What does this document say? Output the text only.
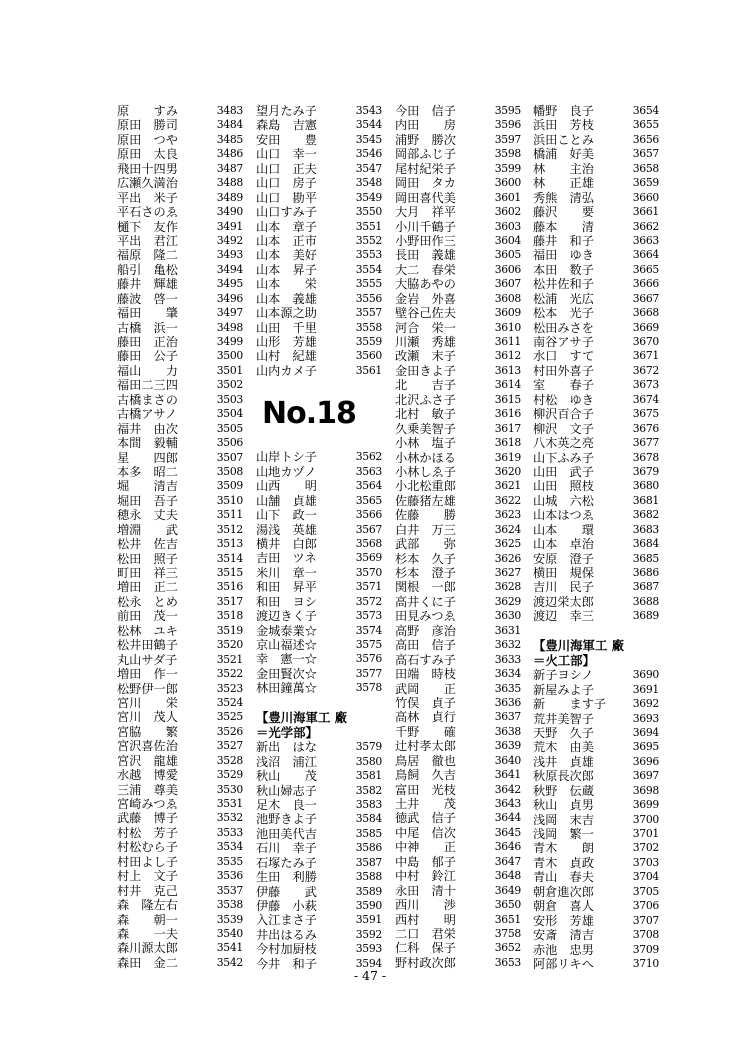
原　　すみ	3483
原田　勝司	3484
原田　つや	3485
原田　太良	3486
飛田十四男	3487
広瀬久満治	3488
平出　米子	3489
平石さのゑ	3490
樋下　友作	3491
平出　君江	3492
福原　隆二	3493
船引　亀松	3494
藤井　輝雄	3495
藤波　啓一	3496
福田　　肇	3497
古橋　浜一	3498
藤田　正治	3499
藤田　公子	3500
福山　　力	3501
福田二三四	3502
古橋まさの	3503
古橋アサノ	3504
福井　由次	3505
本間　毅輔	3506
星　　四郎	3507
本多　昭二	3508
堀　　清吉	3509
堀田　吾子	3510
穂永　丈夫	3511
増淵　　武	3512
松井　佐吉	3513
松田　照子	3514
町田　祥三	3515
増田　正二	3516
松永　とめ	3517
前田　茂一	3518
松林　ユキ	3519
松井田鶴子	3520
丸山サダ子	3521
増田　作一	3522
松野伊一郎	3523
宮川　　栄	3524
宮川　茂人	3525
宮脇　　繁	3526
宮沢喜佐治	3527
宮沢　龍雄	3528
水越　博愛	3529
三浦　尊美	3530
宮崎みつゑ	3531
武藤　博子	3532
村松　芳子	3533
村松むら子	3534
村田よし子	3535
村上　文子	3536
村井　克己	3537
森　隆左右	3538
森　　朝一	3539
森　　一夫	3540
森川源太郎	3541
森田　金二	3542
望月たみ子	3543
森島　吉憲	3544
安田　　豊	3545
山口　幸一	3546
山口　正夫	3547
山口　房子	3548
山口　勘平	3549
山口すみ子	3550
山本　章子	3551
山本　正市	3552
山本　美好	3553
山本　昇子	3554
山本　　栄	3555
山本　義雄	3556
山本源之助	3557
山田　千里	3558
山形　芳雄	3559
山村　紀雄	3560
山内カメ子	3561
No.18
山岸トシ子	3562
山地カヅノ	3563
山西　　明	3564
山舗　貞雄	3565
山下　政一	3566
湯浅　英雄	3567
横井　白郎	3568
吉田　ツネ	3569
米川　章一	3570
和田　昇平	3571
和田　ヨシ	3572
渡辺きく子	3573
金城泰業☆	3574
京山福述☆	3575
幸　憲一☆	3576
金田賢次☆	3577
林田鐘萬☆	3578
【豊川海軍工 廠
＝光学部】
新出　はな	3579
浅沼　浦江	3580
秋山　　茂	3581
秋山婦志子	3582
足木　良一	3583
池野きよ子	3584
池田美代吉	3585
石川　幸子	3586
石塚たみ子	3587
生田　利勝	3588
伊藤　　武	3589
伊藤　小萩	3590
入江まさ子	3591
井出はるみ	3592
今村加厨枝	3593
今井　和子	3594
今田　信子	3595
内田　　房	3596
浦野　勝次	3597
岡部ふじ子	3598
尾村紀栄子	3599
岡田　タカ	3600
岡田喜代美	3601
大月　祥平	3602
小川千鶴子	3603
小野田作三	3604
長田　義雄	3605
大二　春栄	3606
大脇あやの	3607
金岩　外喜	3608
壁谷己佐夫	3609
河合　栄一	3610
川瀬　秀雄	3611
改瀬　末子	3612
金田きよ子	3613
北　　吉子	3614
北沢ふさ子	3615
北村　敏子	3616
久乗美智子	3617
小林　塩子	3618
小林かほる	3619
小林しゑ子	3620
小北松重郎	3621
佐藤猪左雄	3622
佐藤　　勝	3623
白井　万三	3624
武部　　弥	3625
杉本　久子	3626
杉本　澄子	3627
関根　一郎	3628
高井くに子	3629
田見みつゑ	3630
高野　彦治	3631
高田　信子	3632
高石すみ子	3633
田端　時枝	3634
武岡　　正	3635
竹俣　貞子	3636
高林　貞行	3637
千野　　確	3638
辻村孝太郎	3639
鳥居　徹也	3640
鳥飼　久吉	3641
富田　光枝	3642
土井　　茂	3643
徳武　信子	3644
中尾　信次	3645
中神　　正	3646
中島　郁子	3647
中村　鈴江	3648
永田　清十	3649
西川　　渉	3650
西村　　明	3651
二口　君栄	3758
仁科　保子	3652
野村政次郎	3653
幡野　良子	3654
浜田　芳枝	3655
浜田ことみ	3656
橋浦　好美	3657
林　　主治	3658
林　　正雄	3659
秀熊　清弘	3660
藤沢　　要	3661
藤本　　清	3662
藤井　和子	3663
福田　ゆき	3664
本田　数子	3665
松井佐和子	3666
松浦　光広	3667
松本　光子	3668
松田みさを	3669
南谷アサ子	3670
水口　すて	3671
村田外喜子	3672
室　　春子	3673
村松　ゆき	3674
柳沢百合子	3675
柳沢　文子	3676
八木英之亮	3677
山下ふみ子	3678
山田　武子	3679
山田　照枝	3680
山城　六松	3681
山本はつゑ	3682
山本　　環	3683
山本　卓治	3684
安原　澄子	3685
横田　規保	3686
吉川　民子	3687
渡辺栄太郎	3688
渡辺　幸三	3689
【豊川海軍工 廠
＝火工部】
新子ヨシノ	3690
新屋みよ子	3691
新　　ます子 3692
荒井美智子	3693
天野　久子	3694
荒木　由美	3695
浅井　貞雄	3696
秋原長次郎	3697
秋野　伝蔵	3698
秋山　貞男	3699
浅岡　末吉	3700
浅岡　繁一	3701
青木　　朗	3702
青木　貞政	3703
青山　春夫	3704
朝倉進次郎	3705
朝倉　喜人	3706
安形　芳雄	3707
安斎　清吉	3708
赤池　忠男	3709
阿部リキへ	3710
- 47 -
